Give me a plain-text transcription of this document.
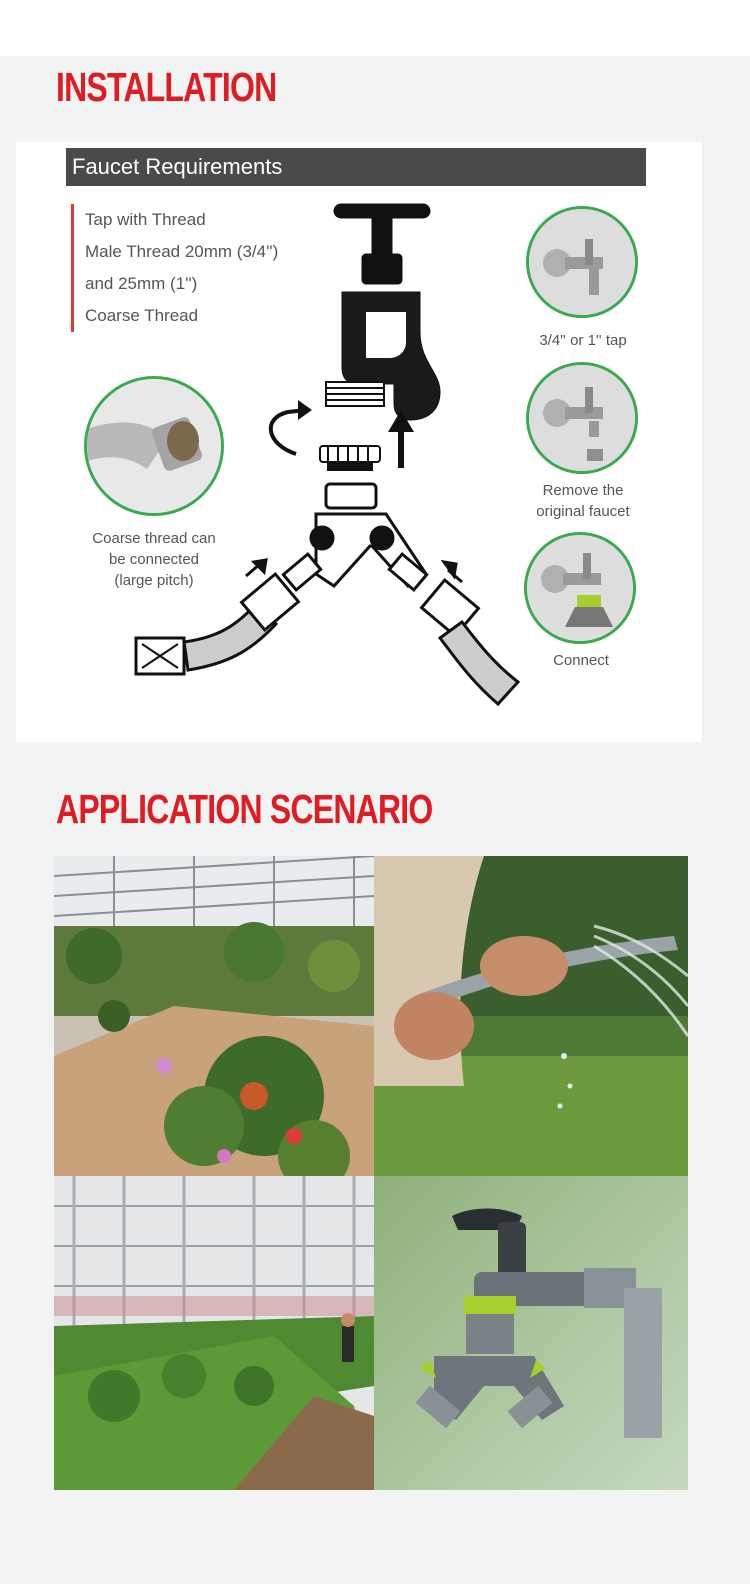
INSTALLATION
Faucet Requirements
Tap with Thread
Male Thread 20mm (3/4'')
and 25mm (1'')
Coarse Thread
Coarse thread can
be connected
(large pitch)
3/4'' or 1'' tap
Remove the
original faucet
Connect
APPLICATION SCENARIO
